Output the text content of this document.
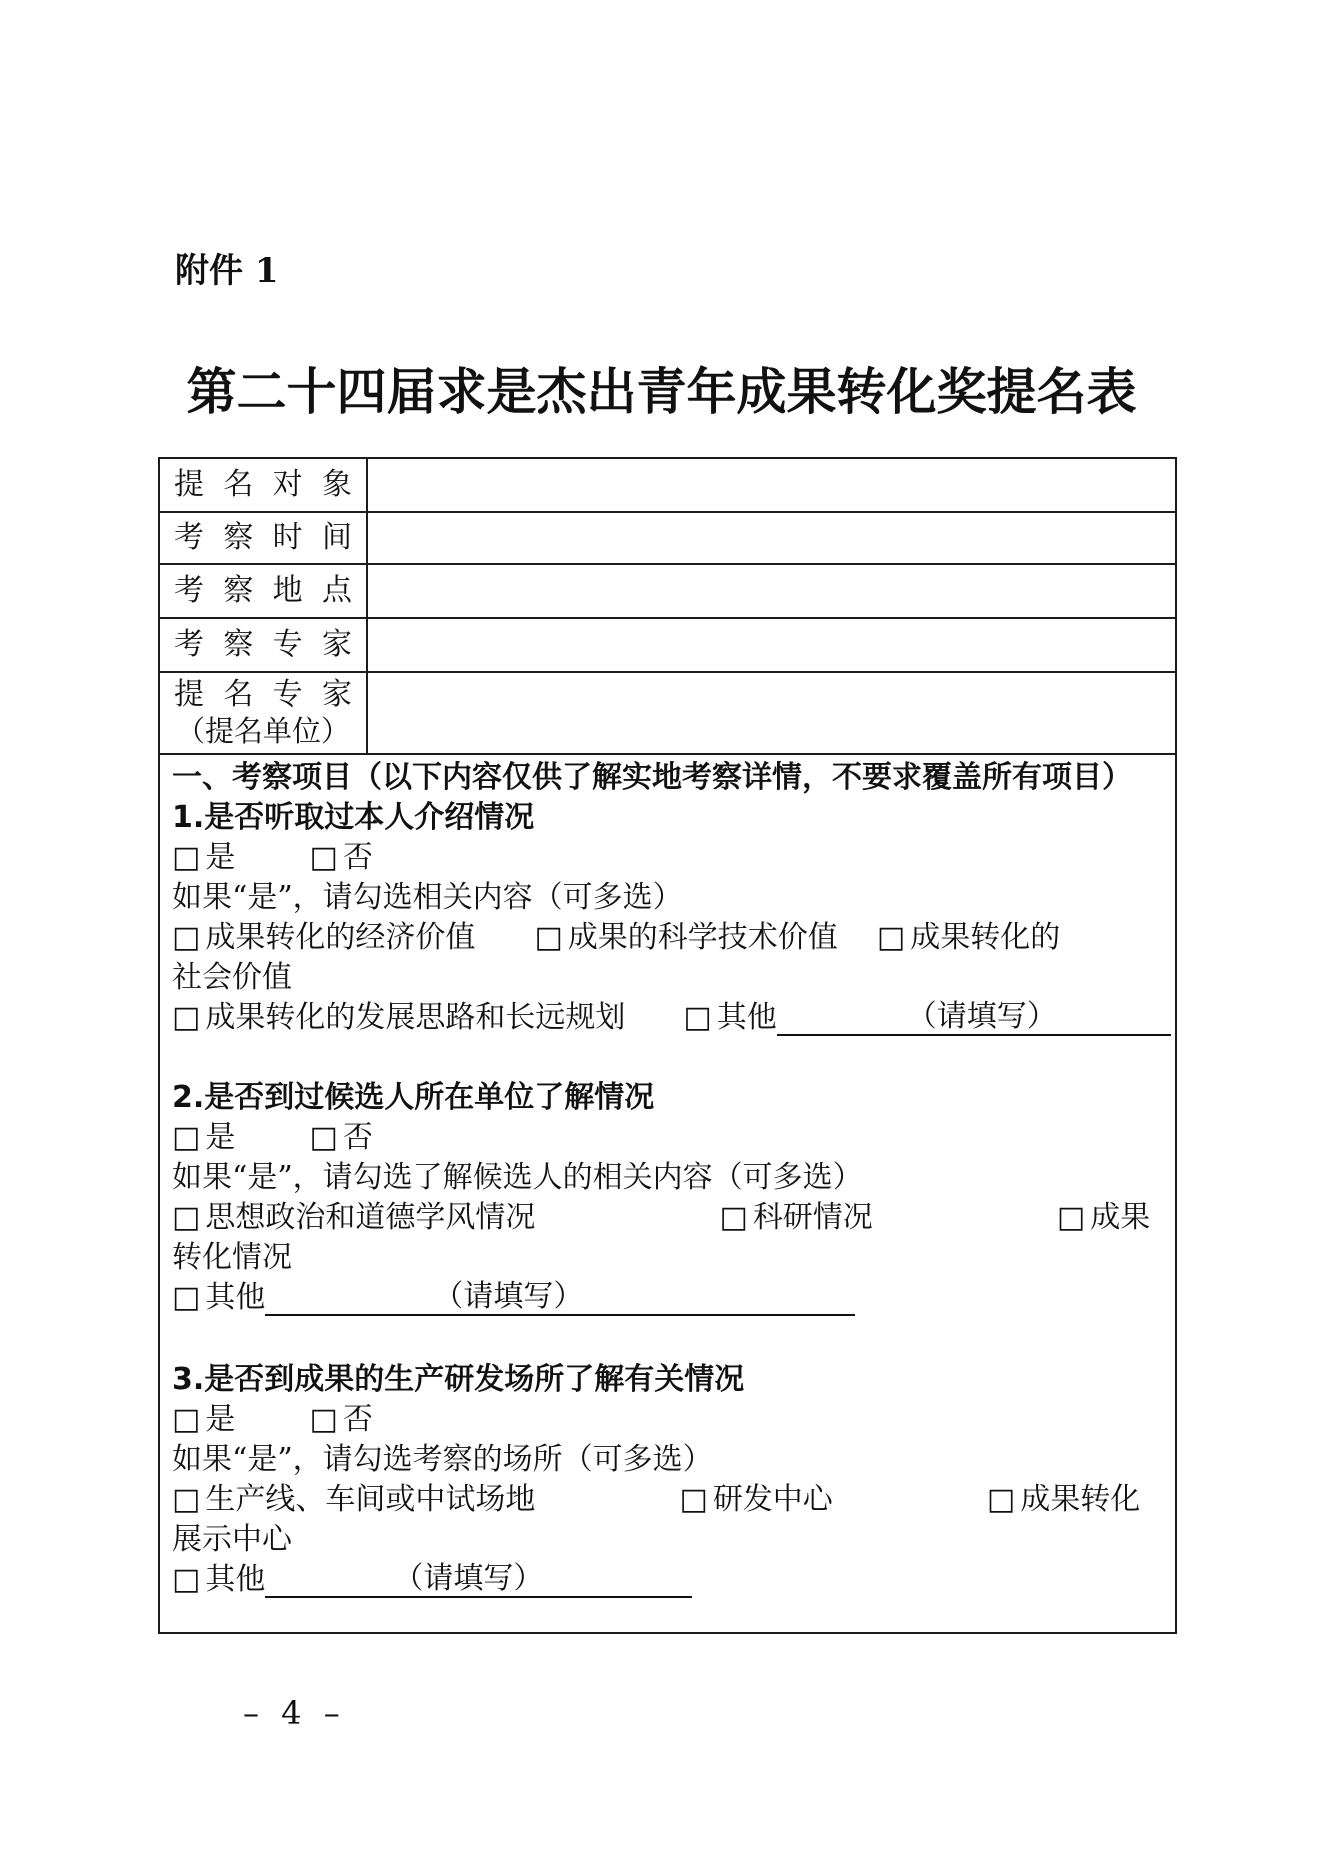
附件 1
第二十四届求是杰出青年成果转化奖提名表
提 名 对 象
考 察 时 间
考 察 地 点
考 察 专 家
提 名 专 家
（提名单位）
一、考察项目（以下内容仅供了解实地考察详情，不要求覆盖所有项目）
1.是否听取过本人介绍情况
□ 是 □ 否
如果“是”，请勾选相关内容（可多选）
□ 成果转化的经济价值 □ 成果的科学技术价值 □ 成果转化的
社会价值
□ 成果转化的发展思路和长远规划 □ 其他	（请填写）
2.是否到过候选人所在单位了解情况
□ 是 □ 否
如果“是”，请勾选了解候选人的相关内容（可多选）
□ 思想政治和道德学风情况	□ 科研情况	□ 成果
转化情况
□ 其他	（请填写）
3.是否到成果的生产研发场所了解有关情况
□ 是 □ 否
如果“是”，请勾选考察的场所（可多选）
□ 生产线、车间或中试场地	□ 研发中心	□ 成果转化
展示中心
□ 其他	（请填写）
– 4 –
